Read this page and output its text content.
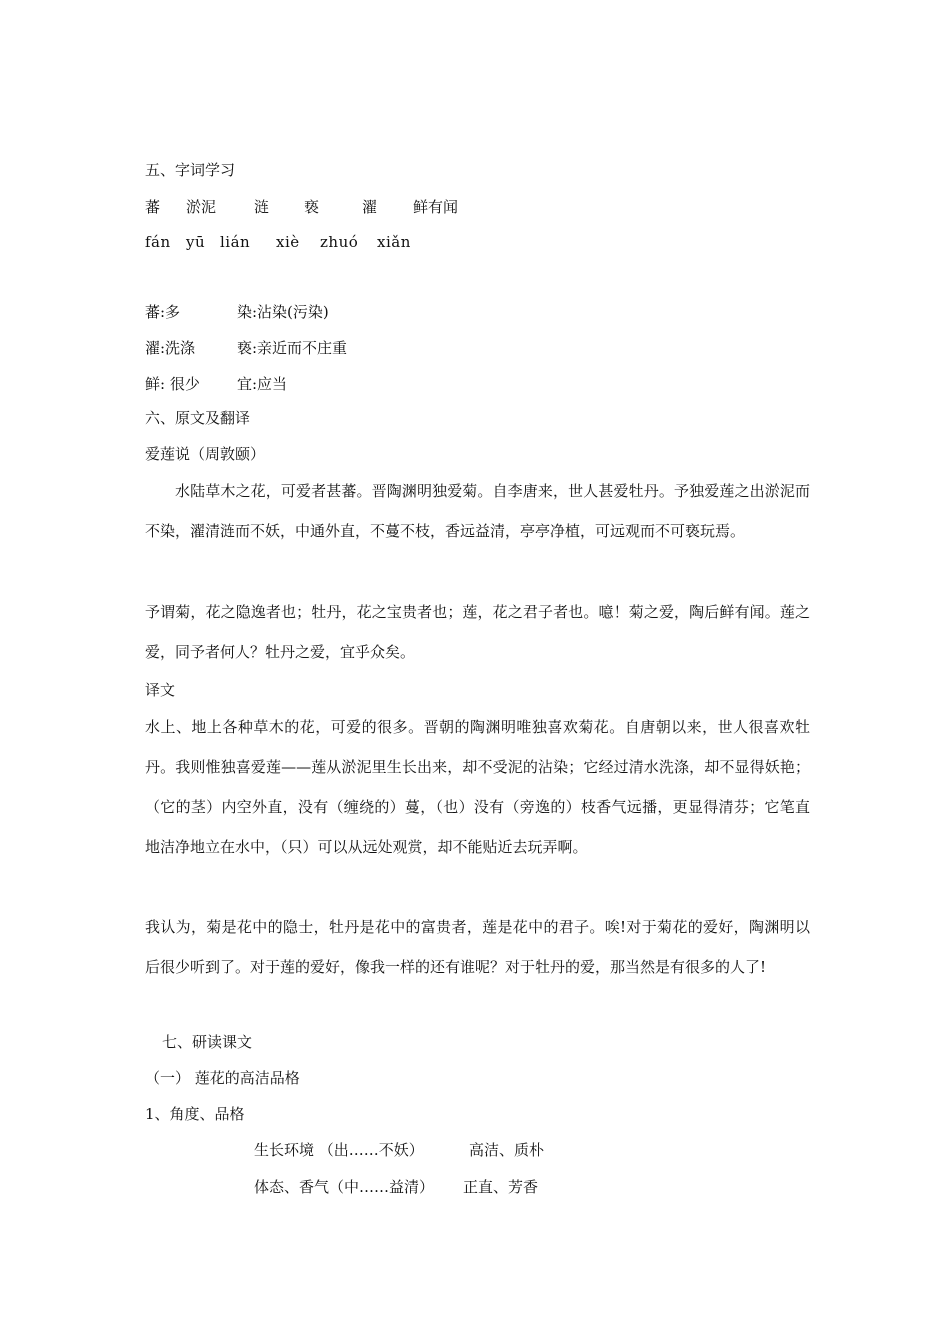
五、字词学习
蕃 淤泥	涟 亵	濯 鲜有闻
fán yū lián xiè zhuó xiǎn
蕃:多	染:沾染(污染)
濯:洗涤	亵:亲近而不庄重
鲜: 很少 宜:应当
六、原文及翻译
爱莲说（周敦颐）
水陆草木之花，可爱者甚蕃。晋陶渊明独爱菊。自李唐来，世人甚爱牡丹。予独爱莲之出淤泥而不染，濯清涟而不妖，中通外直，不蔓不枝，香远益清，亭亭净植，可远观而不可亵玩焉。
予谓菊，花之隐逸者也；牡丹，花之宝贵者也；莲，花之君子者也。噫！菊之爱，陶后鲜有闻。莲之爱，同予者何人？牡丹之爱，宜乎众矣。
译文
水上、地上各种草木的花，可爱的很多。晋朝的陶渊明唯独喜欢菊花。自唐朝以来，世人很喜欢牡丹。我则惟独喜爱莲——莲从淤泥里生长出来，却不受泥的沾染；它经过清水洗涤，却不显得妖艳；（它的茎）内空外直，没有（缠绕的）蔓，（也）没有（旁逸的）枝香气远播，更显得清芬；它笔直地洁净地立在水中，（只）可以从远处观赏，却不能贴近去玩弄啊。
我认为，菊是花中的隐士，牡丹是花中的富贵者，莲是花中的君子。唉!对于菊花的爱好，陶渊明以后很少听到了。对于莲的爱好，像我一样的还有谁呢？对于牡丹的爱，那当然是有很多的人了!
七、研读课文
（一） 莲花的高洁品格
1、角度、品格
生长环境 （出……不妖）	高洁、质朴
体态、香气（中……益清） 正直、芳香
